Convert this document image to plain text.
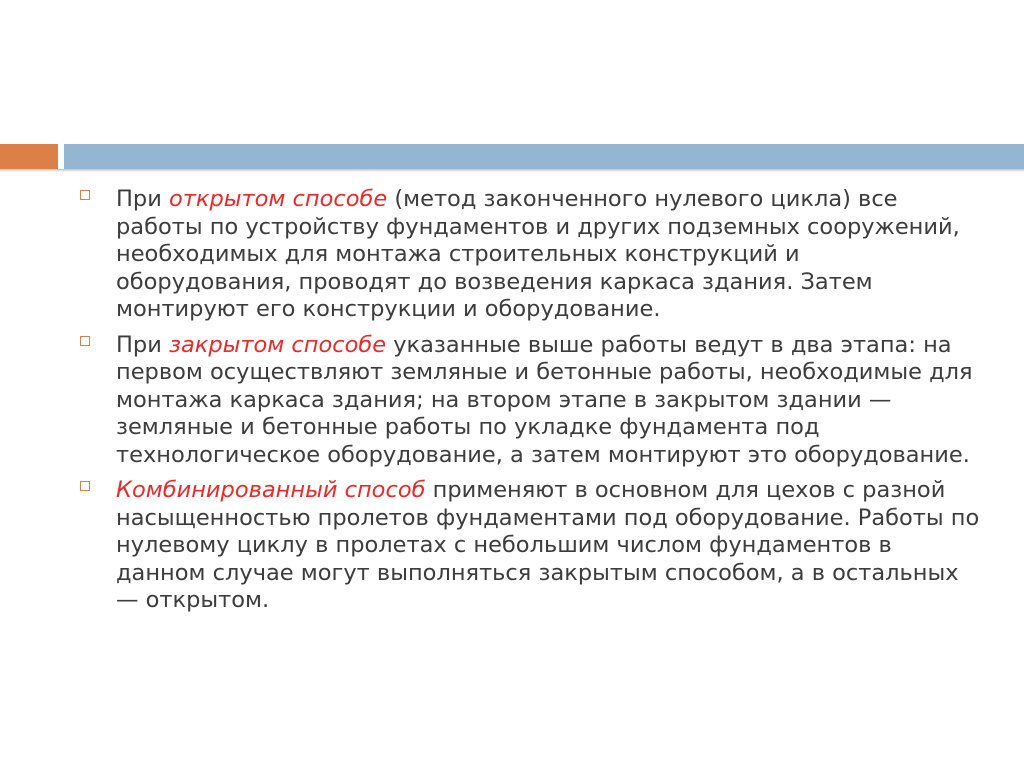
При открытом способе (метод законченного нулевого цикла) все работы по устройству фундаментов и других подземных сооружений, необходимых для монтажа строительных конструкций и оборудования, проводят до возведения каркаса здания. Затем монтируют его конструкции и оборудование.
При закрытом способе указанные выше работы ведут в два этапа: на первом осуществляют земляные и бетонные работы, необходимые для монтажа каркаса здания; на втором этапе в закрытом здании — земляные и бетонные работы по укладке фундамента под технологическое оборудование, а затем монтируют это оборудование.
Комбинированный способ применяют в основном для цехов с разной насыщенностью пролетов фундаментами под оборудование. Работы по нулевому циклу в пролетах с небольшим числом фундаментов в данном случае могут выполняться закрытым способом, а в остальных — открытом.
